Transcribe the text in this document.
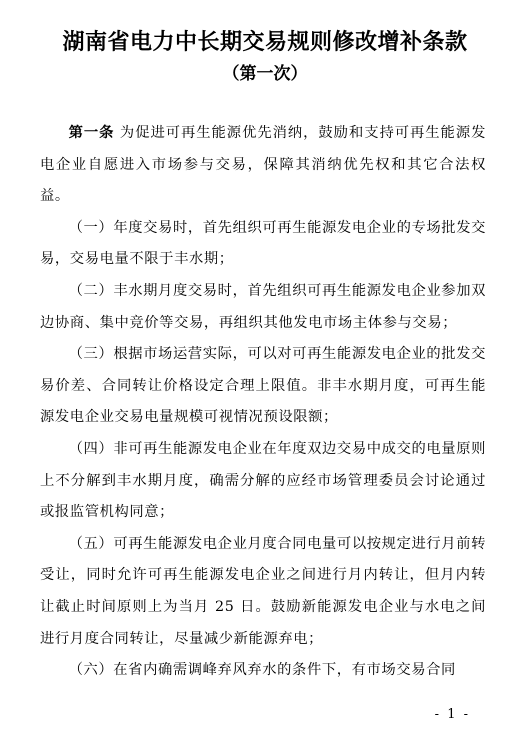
湖南省电力中长期交易规则修改增补条款
（第一次）

第一条 为促进可再生能源优先消纳，鼓励和支持可再生能源发电企业自愿进入市场参与交易，保障其消纳优先权和其它合法权益。

（一）年度交易时，首先组织可再生能源发电企业的专场批发交易，交易电量不限于丰水期；

（二）丰水期月度交易时，首先组织可再生能源发电企业参加双边协商、集中竞价等交易，再组织其他发电市场主体参与交易；

（三）根据市场运营实际，可以对可再生能源发电企业的批发交易价差、合同转让价格设定合理上限值。非丰水期月度，可再生能源发电企业交易电量规模可视情况预设限额；

（四）非可再生能源发电企业在年度双边交易中成交的电量原则上不分解到丰水期月度，确需分解的应经市场管理委员会讨论通过或报监管机构同意；

（五）可再生能源发电企业月度合同电量可以按规定进行月前转受让，同时允许可再生能源发电企业之间进行月内转让，但月内转让截止时间原则上为当月 25 日。鼓励新能源发电企业与水电之间进行月度合同转让，尽量减少新能源弃电；

（六）在省内确需调峰弃风弃水的条件下，有市场交易合同

- 1 -
